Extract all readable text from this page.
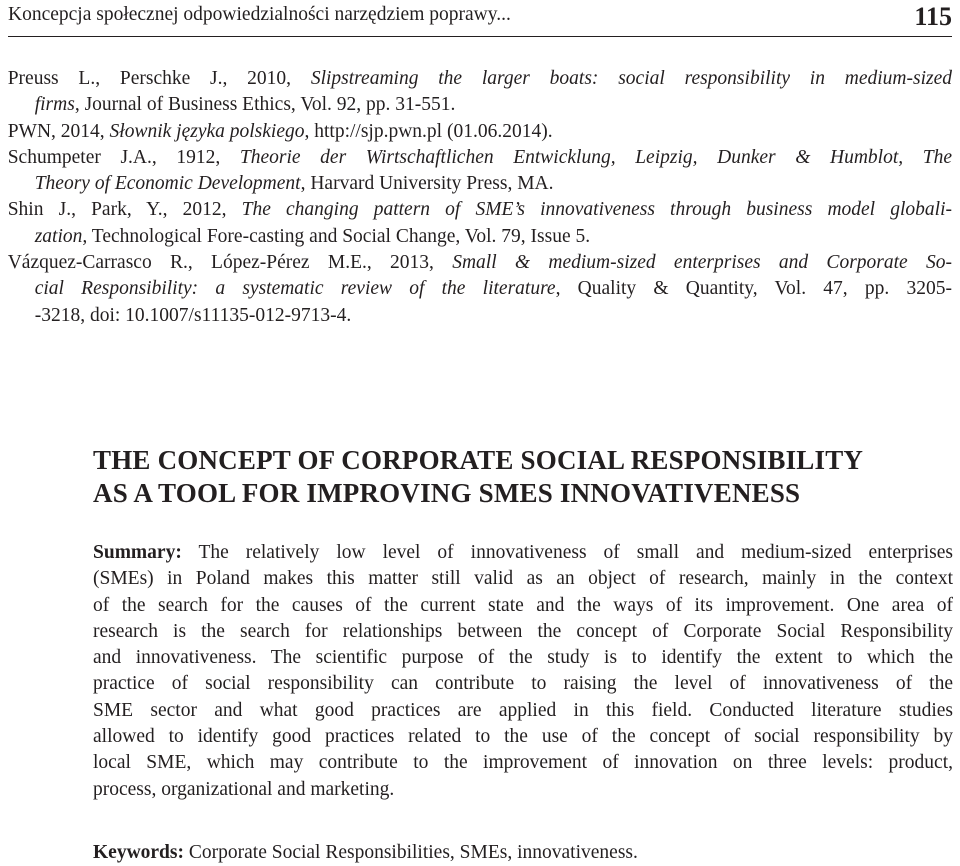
Koncepcja społecznej odpowiedzialności narzędziem poprawy...	115
Preuss L., Perschke J., 2010, Slipstreaming the larger boats: social responsibility in medium-sized
firms, Journal of Business Ethics, Vol. 92, pp. 31-551.
PWN, 2014, Słownik języka polskiego, http://sjp.pwn.pl (01.06.2014).
Schumpeter J.A., 1912, Theorie der Wirtschaftlichen Entwicklung, Leipzig, Dunker & Humblot, The
Theory of Economic Development, Harvard University Press, MA.
Shin J., Park, Y., 2012, The changing pattern of SME’s innovativeness through business model globali-
zation, Technological Fore-casting and Social Change, Vol. 79, Issue 5.
Vázquez-Carrasco R., López-Pérez M.E., 2013, Small & medium-sized enterprises and Corporate So-
cial Responsibility: a systematic review of the literature, Quality & Quantity, Vol. 47, pp. 3205-
-3218, doi: 10.1007/s11135-012-9713-4.
THE CONCEPT OF CORPORATE SOCIAL RESPONSIBILITY
AS A TOOL FOR IMPROVING SMES INNOVATIVENESS
Summary: The relatively low level of innovativeness of small and medium-sized enterprises
(SMEs) in Poland makes this matter still valid as an object of research, mainly in the context
of the search for the causes of the current state and the ways of its improvement. One area of
research is the search for relationships between the concept of Corporate Social Responsibility
and innovativeness. The scientific purpose of the study is to identify the extent to which the
practice of social responsibility can contribute to raising the level of innovativeness of the
SME sector and what good practices are applied in this field. Conducted literature studies
allowed to identify good practices related to the use of the concept of social responsibility by
local SME, which may contribute to the improvement of innovation on three levels: product,
process, organizational and marketing.
Keywords: Corporate Social Responsibilities, SMEs, innovativeness.
